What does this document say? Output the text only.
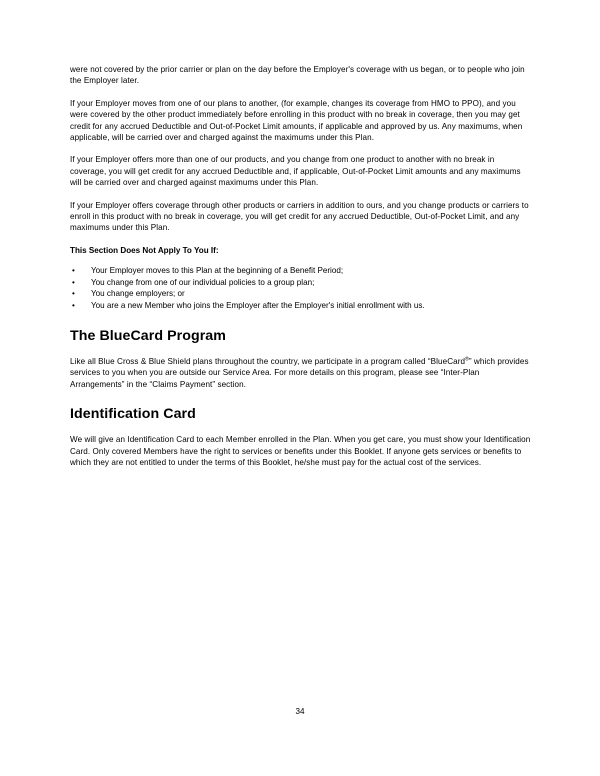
were not covered by the prior carrier or plan on the day before the Employer's coverage with us began, or to people who join the Employer later.

If your Employer moves from one of our plans to another, (for example, changes its coverage from HMO to PPO), and you were covered by the other product immediately before enrolling in this product with no break in coverage, then you may get credit for any accrued Deductible and Out-of-Pocket Limit amounts, if applicable and approved by us. Any maximums, when applicable, will be carried over and charged against the maximums under this Plan.

If your Employer offers more than one of our products, and you change from one product to another with no break in coverage, you will get credit for any accrued Deductible and, if applicable, Out-of-Pocket Limit amounts and any maximums will be carried over and charged against maximums under this Plan.

If your Employer offers coverage through other products or carriers in addition to ours, and you change products or carriers to enroll in this product with no break in coverage, you will get credit for any accrued Deductible, Out-of-Pocket Limit, and any maximums under this Plan.

This Section Does Not Apply To You If:

• Your Employer moves to this Plan at the beginning of a Benefit Period;
• You change from one of our individual policies to a group plan;
• You change employers; or
• You are a new Member who joins the Employer after the Employer's initial enrollment with us.
The BlueCard Program

Like all Blue Cross & Blue Shield plans throughout the country, we participate in a program called “BlueCard®” which provides services to you when you are outside our Service Area. For more details on this program, please see “Inter-Plan Arrangements” in the “Claims Payment” section.

Identification Card

We will give an Identification Card to each Member enrolled in the Plan. When you get care, you must show your Identification Card. Only covered Members have the right to services or benefits under this Booklet. If anyone gets services or benefits to which they are not entitled to under the terms of this Booklet, he/she must pay for the actual cost of the services.

34
